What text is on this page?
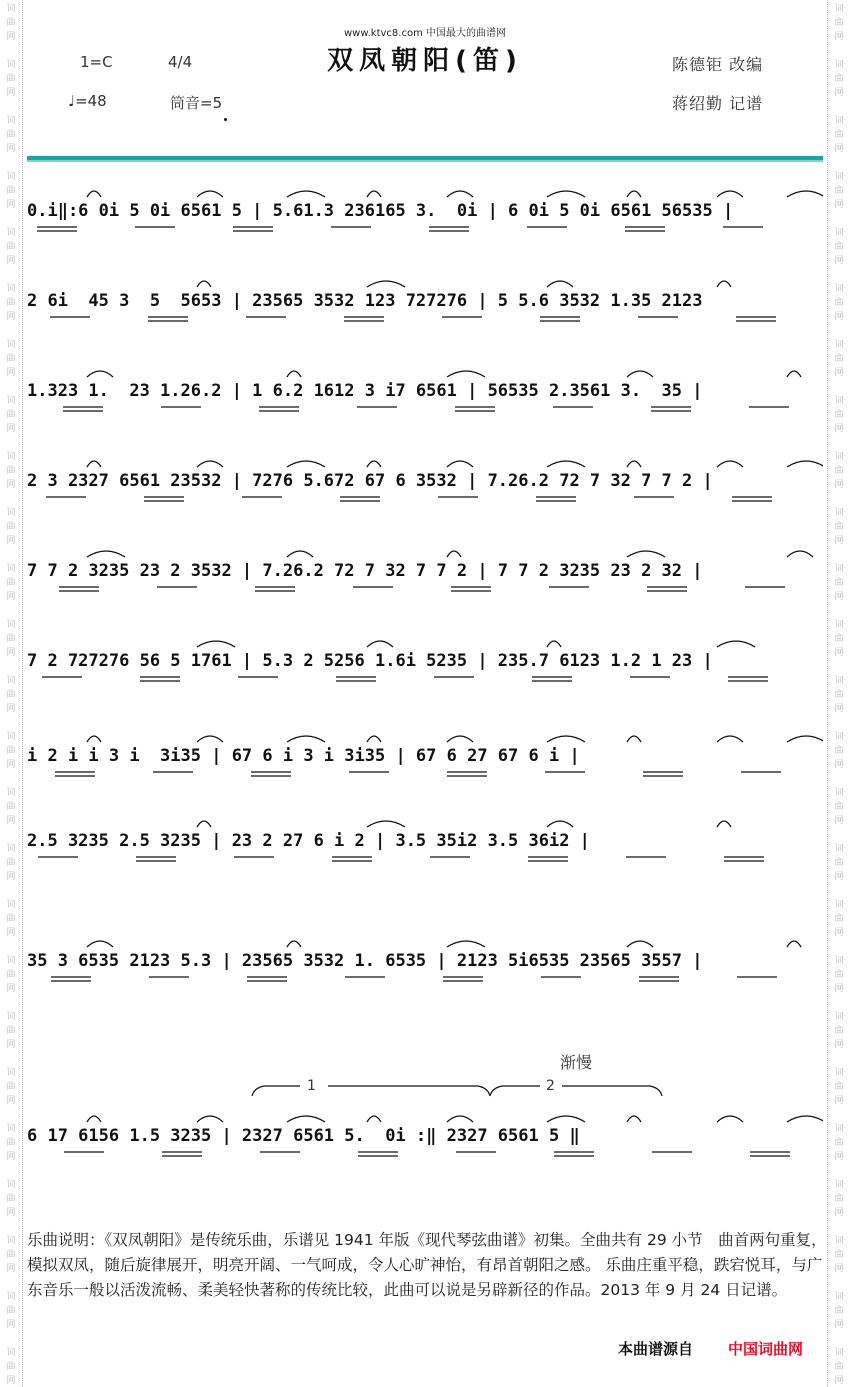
词
曲
网
词
曲
网
词
曲
网
词
曲
网
词
曲
网
词
曲
网
词
曲
网
词
曲
网
词
曲
网
词
曲
网
词
曲
网
词
曲
网
词
曲
网
词
曲
网
词
曲
网
词
曲
网
词
曲
网
词
曲
网
词
曲
网
词
曲
网
词
曲
网
词
曲
网
词
曲
网
词
曲
网
词
曲
网
词
曲
网
词
曲
网
词
曲
网
词
曲
网
词
曲
网
词
曲
网
词
曲
网
词
曲
网
词
曲
网
词
曲
网
词
曲
网
词
曲
网
词
曲
网
词
曲
网
词
曲
网
词
曲
网
词
曲
网
词
曲
网
词
曲
网
词
曲
网
词
曲
网
词
曲
网
词
曲
网
词
曲
网
词
曲
网
www.ktvc8.com 中国最大的曲谱网
双凤朝阳(笛)
1=C	4/4
♩=48	筒音=5
陈德钜 改编
蒋绍勤 记谱
0.i‖:6 0i 5 0i 6561 5 | 5.61.3 236165 3.  0i | 6 0i 5 0i 6561 56535 |
2 6i  45 3  5  5653 | 23565 3532 123 727276 | 5 5.6 3532 1.35 2123
1.323 1.  23 1.26.2 | 1 6.2 1612 3 i7 6561 | 56535 2.3561 3.  35 |
2 3 2327 6561 23532 | 7276 5.672 67 6 3532 | 7.26.2 72 7 32 7 7 2 |
7 7 2 3235 23 2 3532 | 7.26.2 72 7 32 7 7 2 | 7 7 2 3235 23 2 32 |
7 2 727276 56 5 1761 | 5.3 2 5256 1.6i 5235 | 235.7 6123 1.2 1 23 |
i 2 i i 3 i  3i35 | 67 6 i 3 i 3i35 | 67 6 27 67 6 i |
2.5 3235 2.5 3235 | 23 2 27 6 i 2 | 3.5 35i2 3.5 36i2 |
35 3 6535 2123 5.3 | 23565 3532 1. 6535 | 2123 5i6535 23565 3557 |
6 17 6156 1.5 3235 | 2327 6561 5.  0i :‖ 2327 6561 5 ‖
渐慢
1	2
乐曲说明：《双凤朝阳》是传统乐曲，乐谱见 1941 年版《现代琴弦曲谱》初集。全曲共有 29 小节　曲首两句重复，模拟双凤，随后旋律展开，明亮开阔、一气呵成，令人心旷神怡，有昂首朝阳之感。 乐曲庄重平稳，跌宕悦耳，与广东音乐一般以活泼流畅、柔美轻快著称的传统比较，此曲可以说是另辟新径的作品。2013 年 9 月 24 日记谱。
本曲谱源自 中国词曲网
